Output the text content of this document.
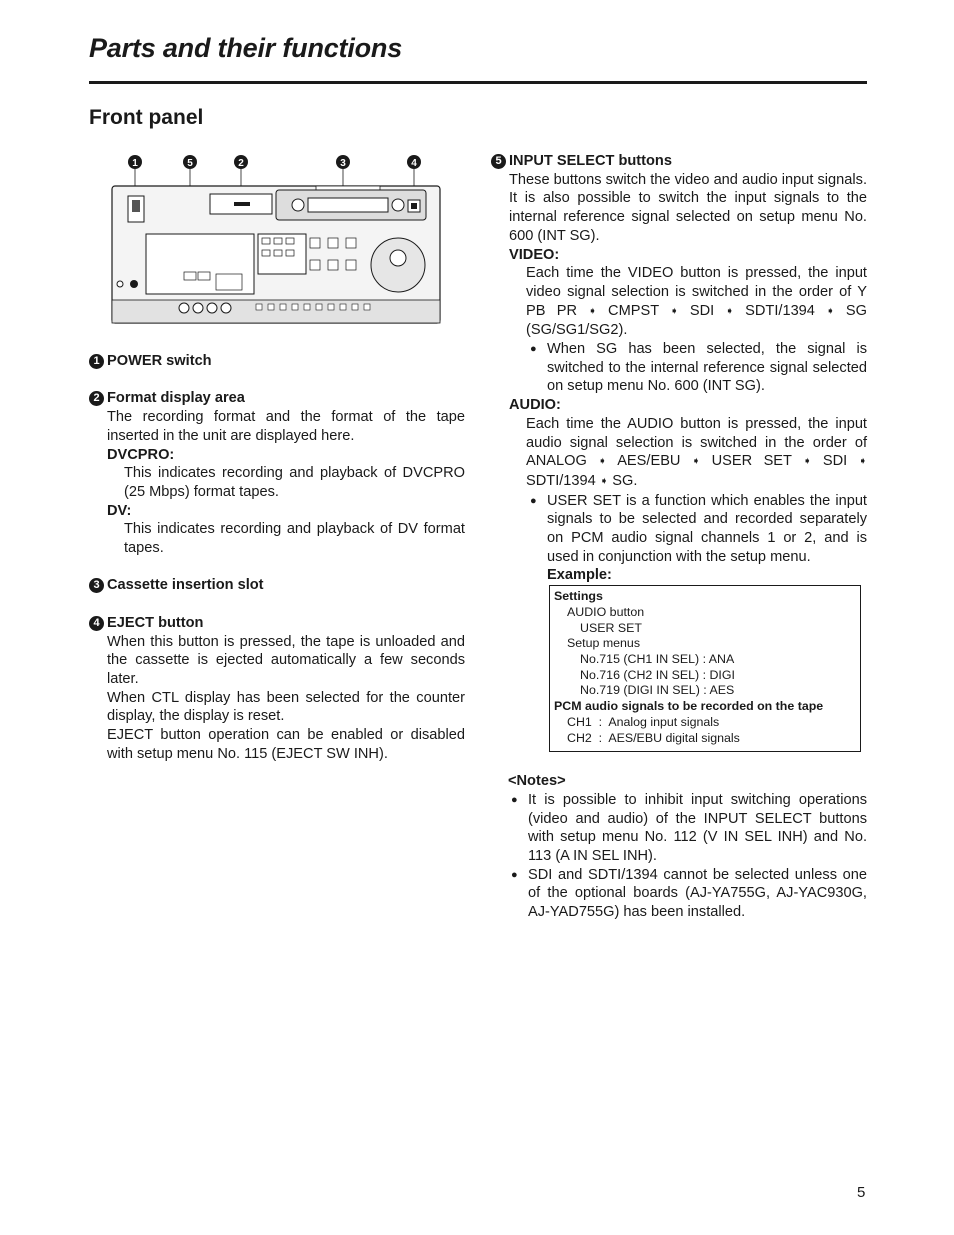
Parts and their functions
Front panel
1	5	2	3	4

1 POWER switch

2 Format display area

The recording format and the format of the tape inserted in the unit are displayed here.

DVCPRO:

This indicates recording and playback of DVCPRO (25 Mbps) format tapes.

DV:

This indicates recording and playback of DV format tapes.

3 Cassette insertion slot

4 EJECT button

When this button is pressed, the tape is unloaded and the cassette is ejected automatically a few seconds later.

When CTL display has been selected for the counter display, the display is reset.

EJECT button operation can be enabled or disabled with setup menu No. 115 (EJECT SW INH).

5 INPUT SELECT buttons

These buttons switch the video and audio input signals. It is also possible to switch the input signals to the internal reference signal selected on setup menu No. 600 (INT SG).

VIDEO:

Each time the VIDEO button is pressed, the input video signal selection is switched in the order of Y PB PR ➧ CMPST ➧ SDI ➧ SDTI/1394 ➧ SG (SG/SG1/SG2).

● When SG has been selected, the signal is switched to the internal reference signal selected on setup menu No. 600 (INT SG).

AUDIO:

Each time the AUDIO button is pressed, the input audio signal selection is switched in the order of ANALOG ➧ AES/EBU ➧ USER SET ➧ SDI ➧ SDTI/1394 ➧ SG.

● USER SET is a function which enables the input signals to be selected and recorded separately on PCM audio signal channels 1 or 2, and is used in conjunction with the setup menu.

Example:

Settings
AUDIO button
USER SET
Setup menus
No.715 (CH1 IN SEL) : ANA
No.716 (CH2 IN SEL) : DIGI
No.719 (DIGI IN SEL) : AES
PCM audio signals to be recorded on the tape
CH1  :  Analog input signals
CH2  :  AES/EBU digital signals

<Notes>

● It is possible to inhibit input switching operations (video and audio) of the INPUT SELECT buttons with setup menu No. 112 (V IN SEL INH) and No. 113 (A IN SEL INH).
● SDI and SDTI/1394 cannot be selected unless one of the optional boards (AJ-YA755G, AJ-YAC930G, AJ-YAD755G) has been installed.
5
